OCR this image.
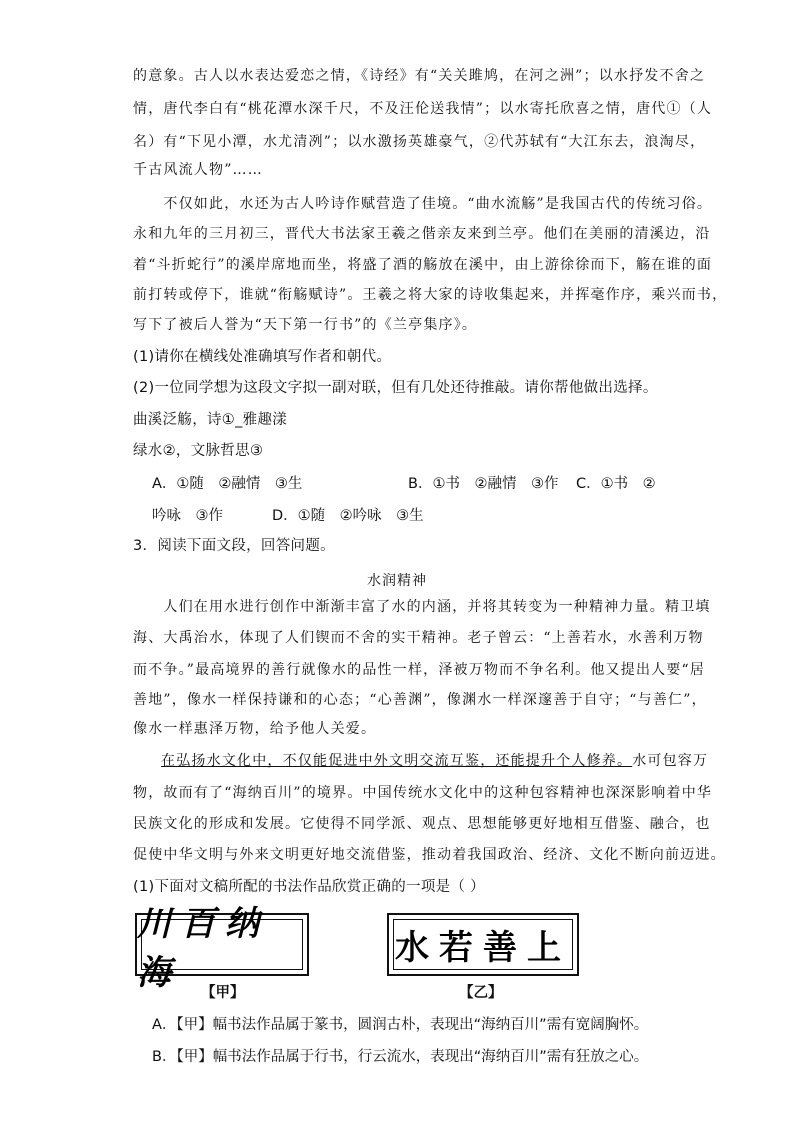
的意象。古人以水表达爱恋之情，《诗经》有“关关雎鸠，在河之洲”；以水抒发不舍之
情，唐代李白有“桃花潭水深千尺，不及汪伦送我情”；以水寄托欣喜之情，唐代①（人
名）有“下见小潭，水尤清冽”；以水激扬英雄豪气，②代苏轼有“大江东去，浪淘尽，
千古风流人物”……
　　不仅如此，水还为古人吟诗作赋营造了佳境。“曲水流觞”是我国古代的传统习俗。
永和九年的三月初三，晋代大书法家王羲之偕亲友来到兰亭。他们在美丽的清溪边，沿
着“斗折蛇行”的溪岸席地而坐，将盛了酒的觞放在溪中，由上游徐徐而下，觞在谁的面
前打转或停下，谁就“衔觞赋诗”。王羲之将大家的诗收集起来，并挥毫作序，乘兴而书，
写下了被后人誉为“天下第一行书”的《兰亭集序》。
(1)请你在横线处准确填写作者和朝代。
(2)一位同学想为这段文字拟一副对联，但有几处还待推敲。请你帮他做出选择。
曲溪泛觞，诗①_雅趣漾
绿水②，文脉哲思③
A．①随　②融情　③生	B．①书　②融情　③作 C．①书　②
吟咏　③作	D．①随　②吟咏　③生
3．阅读下面文段，回答问题。
水润精神
　　人们在用水进行创作中渐渐丰富了水的内涵，并将其转变为一种精神力量。精卫填
海、大禹治水，体现了人们锲而不舍的实干精神。老子曾云：“上善若水，水善利万物
而不争。”最高境界的善行就像水的品性一样，泽被万物而不争名利。他又提出人要“居
善地”，像水一样保持谦和的心态；“心善渊”，像渊水一样深邃善于自守；“与善仁”，
像水一样惠泽万物，给予他人关爱。
在弘扬水文化中，不仅能促进中外文明交流互鉴，还能提升个人修养。水可包容万
物，故而有了“海纳百川”的境界。中国传统水文化中的这种包容精神也深深影响着中华
民族文化的形成和发展。它使得不同学派、观点、思想能够更好地相互借鉴、融合，也
促使中华文明与外来文明更好地交流借鉴，推动着我国政治、经济、文化不断向前迈进。
(1)下面对文稿所配的书法作品欣赏正确的一项是（ ）
川百纳海
水若善上
【甲】	【乙】
A．【甲】幅书法作品属于篆书，圆润古朴，表现出“海纳百川”需有宽阔胸怀。
B．【甲】幅书法作品属于行书，行云流水，表现出“海纳百川”需有狂放之心。
